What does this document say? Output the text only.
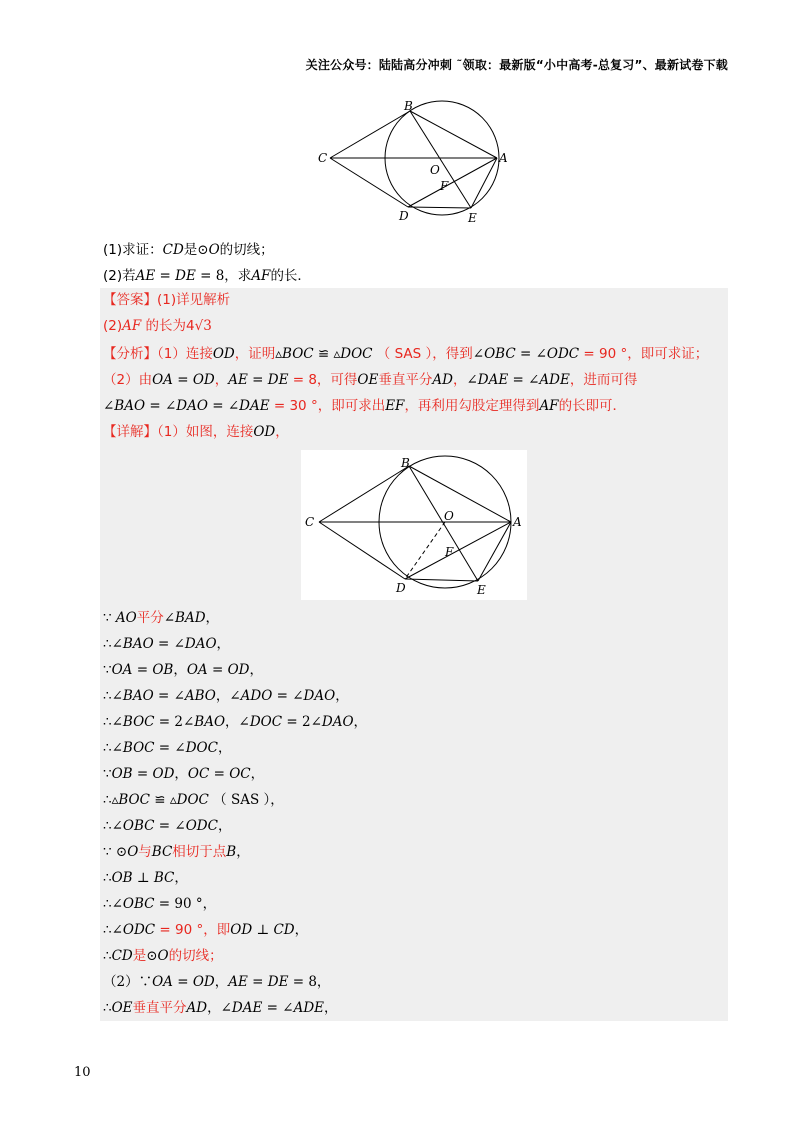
关注公众号：陆陆高分冲刺 ˜领取：最新版“小中高考-总复习”、最新试卷下载
B
C
O
A
F
D	E
(1)求证：CD是⊙O的切线；
(2)若AE = DE = 8，求AF的长．
【答案】(1)详见解析
(2)AF 的长为4√3
【分析】（1）连接OD，证明▵BOC ≌ ▵DOC （ SAS ），得到∠OBC = ∠ODC = 90 °，即可求证；
（2）由OA = OD，AE = DE = 8，可得OE垂直平分AD，∠DAE = ∠ADE，进而可得
∠BAO = ∠DAO = ∠DAE = 30 °，即可求出EF，再利用勾股定理得到AF的长即可．
【详解】（1）如图，连接OD，
B
C	O	A
F
D	E
∵ AO平分∠BAD，
∴∠BAO = ∠DAO，
∵OA = OB，OA = OD，
∴∠BAO = ∠ABO，∠ADO = ∠DAO，
∴∠BOC = 2∠BAO，∠DOC = 2∠DAO，
∴∠BOC = ∠DOC，
∵OB = OD，OC = OC，
∴▵BOC ≌ ▵DOC （ SAS ），
∴∠OBC = ∠ODC，
∵ ⊙O与BC相切于点B，
∴OB ⊥ BC，
∴∠OBC = 90 °，
∴∠ODC = 90 °，即OD ⊥ CD，
∴CD是⊙O的切线；
（2）∵OA = OD，AE = DE = 8，
∴OE垂直平分AD，∠DAE = ∠ADE，
10
